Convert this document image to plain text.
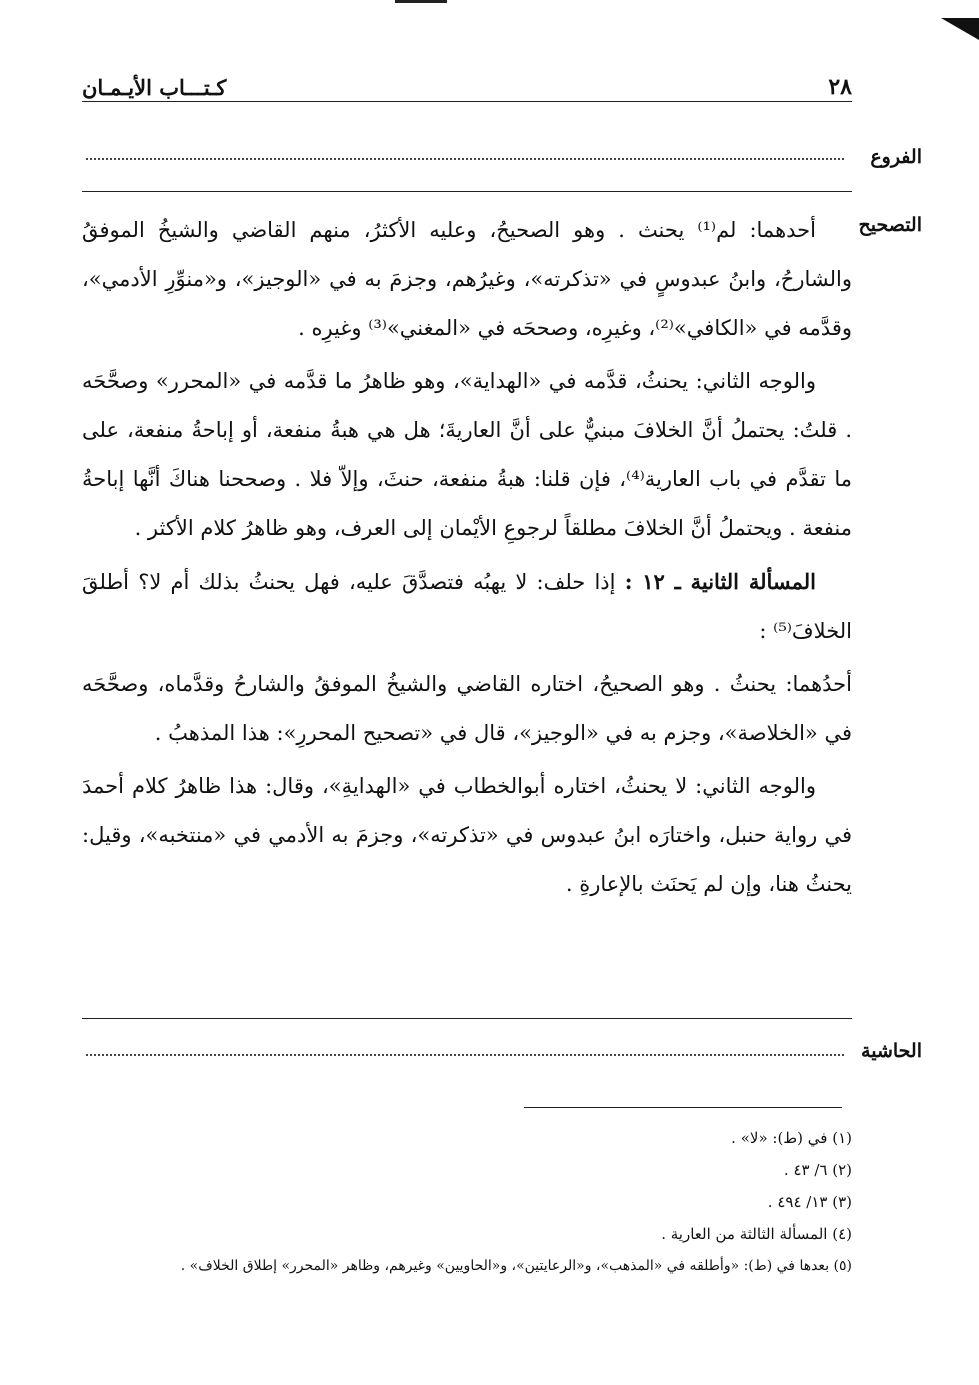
كـتـــاب الأيـمـان	٢٨
الفروع
التصحيح

أحدهما: لم⁽¹⁾ يحنث . وهو الصحيحُ، وعليه الأكثرُ، منهم القاضي والشيخُ الموفقُ والشارحُ، وابنُ عبدوسٍ في «تذكرته»، وغيرُهم، وجزمَ به في «الوجيز»، و«منوِّرِ الأدمي»، وقدَّمه في «الكافي»⁽²⁾، وغيرِه، وصححَه في «المغني»⁽³⁾ وغيرِه .

والوجه الثاني: يحنثُ، قدَّمه في «الهداية»، وهو ظاهرُ ما قدَّمه في «المحرر» وصحَّحَه . قلتُ: يحتملُ أنَّ الخلافَ مبنيٌّ على أنَّ العاريةَ؛ هل هي هبةُ منفعة، أو إباحةُ منفعة، على ما تقدَّم في باب العارية⁽⁴⁾، فإن قلنا: هبةُ منفعة، حنثَ، وإلاّ فلا . وصححنا هناكَ أنَّها إباحةُ منفعة . ويحتملُ أنَّ الخلافَ مطلقاً لرجوعِ الأيْمان إلى العرف، وهو ظاهرُ كلام الأكثر .

المسألة الثانية ـ ١٢ : إذا حلف: لا يهبُه فتصدَّقَ عليه، فهل يحنثُ بذلك أم لا؟ أطلقَ الخلافَ⁽⁵⁾ :

أحدُهما: يحنثُ . وهو الصحيحُ، اختاره القاضي والشيخُ الموفقُ والشارحُ وقدَّماه، وصحَّحَه في «الخلاصة»، وجزم به في «الوجيز»، قال في «تصحيح المحررِ»: هذا المذهبُ .

والوجه الثاني: لا يحنثُ، اختاره أبوالخطاب في «الهدايةِ»، وقال: هذا ظاهرُ كلام أحمدَ في رواية حنبل، واختارَه ابنُ عبدوس في «تذكرته»، وجزمَ به الأدمي في «منتخبه»، وقيل: يحنثُ هنا، وإن لم يَحنَث بالإعارةِ .

الحاشية
(١) في (ط): «لا» .
(٢) ٦/ ٤٣ .
(٣) ١٣/ ٤٩٤ .
(٤) المسألة الثالثة من العارية .
(٥) بعدها في (ط): «وأطلقه في «المذهب»، و«الرعايتين»، و«الحاويين» وغيرهم، وظاهر «المحرر» إطلاق الخلاف» .
